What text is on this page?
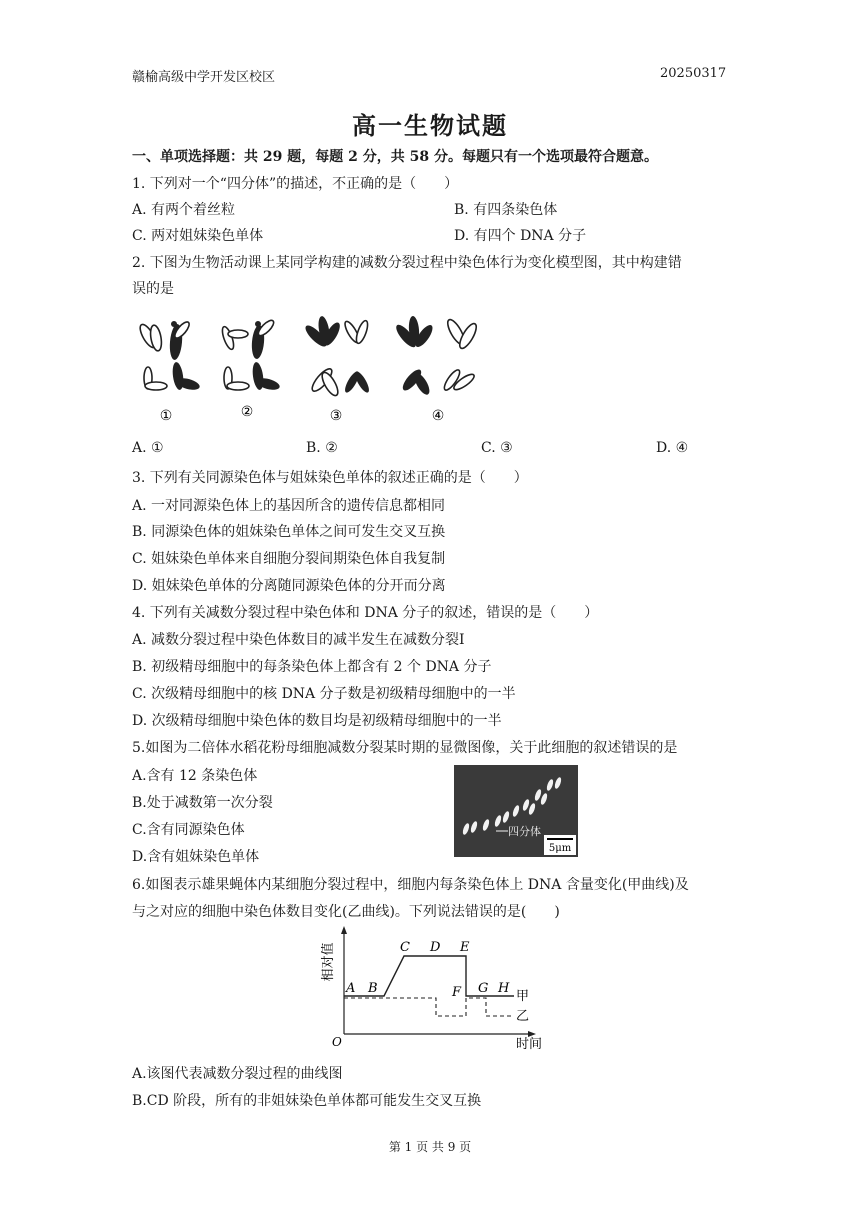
赣榆高级中学开发区校区	20250317
高一生物试题
一、单项选择题：共 29 题，每题 2 分，共 58 分。每题只有一个选项最符合题意。
1. 下列对一个“四分体”的描述，不正确的是（　　）
A. 有两个着丝粒	B. 有四条染色体
C. 两对姐妹染色单体	D. 有四个 DNA 分子
2. 下图为生物活动课上某同学构建的减数分裂过程中染色体行为变化模型图，其中构建错
误的是
①	②	③	④
A. ①	B. ②	C. ③	D. ④
3. 下列有关同源染色体与姐妹染色单体的叙述正确的是（　　）
A. 一对同源染色体上的基因所含的遗传信息都相同
B. 同源染色体的姐妹染色单体之间可发生交叉互换
C. 姐妹染色单体来自细胞分裂间期染色体自我复制
D. 姐妹染色单体的分离随同源染色体的分开而分离
4. 下列有关减数分裂过程中染色体和 DNA 分子的叙述，错误的是（　　）
A. 减数分裂过程中染色体数目的减半发生在减数分裂Ⅰ
B. 初级精母细胞中的每条染色体上都含有 2 个 DNA 分子
C. 次级精母细胞中的核 DNA 分子数是初级精母细胞中的一半
D. 次级精母细胞中染色体的数目均是初级精母细胞中的一半
5.如图为二倍体水稻花粉母细胞减数分裂某时期的显微图像，关于此细胞的叙述错误的是
A.含有 12 条染色体
B.处于减数第一次分裂
C.含有同源染色体
D.含有姐妹染色单体
四分体
5μm
6.如图表示雄果蝇体内某细胞分裂过程中，细胞内每条染色体上 DNA 含量变化(甲曲线)及
与之对应的细胞中染色体数目变化(乙曲线)。下列说法错误的是(　　)
相对值
时间
O
A B
C D E
F G H
甲
乙
A.该图代表减数分裂过程的曲线图
B.CD 阶段，所有的非姐妹染色单体都可能发生交叉互换
第 1 页 共 9 页
